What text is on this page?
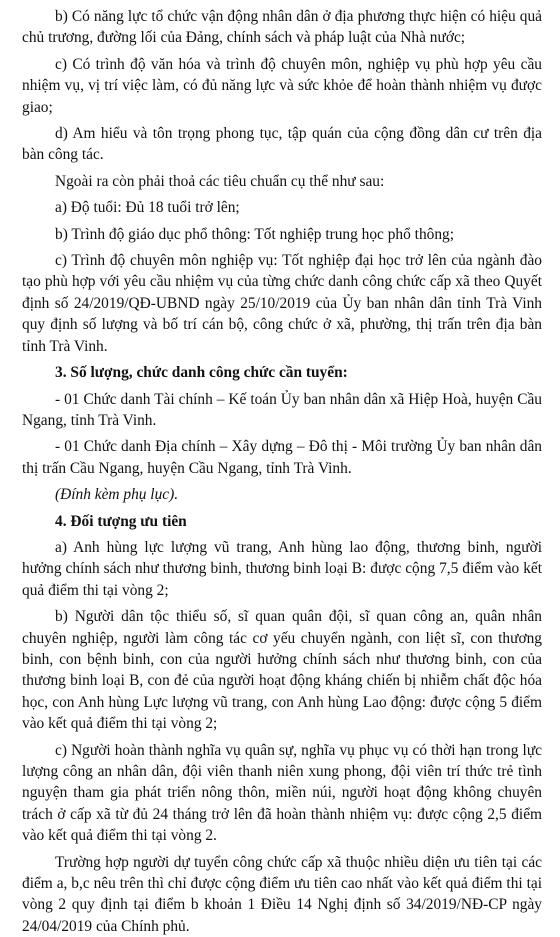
b) Có năng lực tổ chức vận động nhân dân ở địa phương thực hiện có hiệu quả chủ trương, đường lối của Đảng, chính sách và pháp luật của Nhà nước;

c) Có trình độ văn hóa và trình độ chuyên môn, nghiệp vụ phù hợp yêu cầu nhiệm vụ, vị trí việc làm, có đủ năng lực và sức khỏe để hoàn thành nhiệm vụ được giao;

d) Am hiểu và tôn trọng phong tục, tập quán của cộng đồng dân cư trên địa bàn công tác.

Ngoài ra còn phải thoả các tiêu chuẩn cụ thể như sau:

a) Độ tuổi: Đủ 18 tuổi trở lên;

b) Trình độ giáo dục phổ thông: Tốt nghiệp trung học phổ thông;

c) Trình độ chuyên môn nghiệp vụ: Tốt nghiệp đại học trở lên của ngành đào tạo phù hợp với yêu cầu nhiệm vụ của từng chức danh công chức cấp xã theo Quyết định số 24/2019/QĐ-UBND ngày 25/10/2019 của Ủy ban nhân dân tỉnh Trà Vinh quy định số lượng và bố trí cán bộ, công chức ở xã, phường, thị trấn trên địa bàn tỉnh Trà Vinh.

3. Số lượng, chức danh công chức cần tuyển:

- 01 Chức danh Tài chính – Kế toán Ủy ban nhân dân xã Hiệp Hoà, huyện Cầu Ngang, tỉnh Trà Vinh.

- 01 Chức danh Địa chính – Xây dựng – Đô thị - Môi trường Ủy ban nhân dân thị trấn Cầu Ngang, huyện Cầu Ngang, tỉnh Trà Vinh.

(Đính kèm phụ lục).

4. Đối tượng ưu tiên

a) Anh hùng lực lượng vũ trang, Anh hùng lao động, thương binh, người hưởng chính sách như thương binh, thương binh loại B: được cộng 7,5 điểm vào kết quả điểm thi tại vòng 2;

b) Người dân tộc thiểu số, sĩ quan quân đội, sĩ quan công an, quân nhân chuyên nghiệp, người làm công tác cơ yếu chuyển ngành, con liệt sĩ, con thương binh, con bệnh binh, con của người hưởng chính sách như thương binh, con của thương binh loại B, con đẻ của người hoạt động kháng chiến bị nhiễm chất độc hóa học, con Anh hùng Lực lượng vũ trang, con Anh hùng Lao động: được cộng 5 điểm vào kết quả điểm thi tại vòng 2;

c) Người hoàn thành nghĩa vụ quân sự, nghĩa vụ phục vụ có thời hạn trong lực lượng công an nhân dân, đội viên thanh niên xung phong, đội viên trí thức trẻ tình nguyện tham gia phát triển nông thôn, miền núi, người hoạt động không chuyên trách ở cấp xã từ đủ 24 tháng trở lên đã hoàn thành nhiệm vụ: được cộng 2,5 điểm vào kết quả điểm thi tại vòng 2.

Trường hợp người dự tuyển công chức cấp xã thuộc nhiều diện ưu tiên tại các điểm a, b,c nêu trên thì chỉ được cộng điểm ưu tiên cao nhất vào kết quả điểm thi tại vòng 2 quy định tại điểm b khoản 1 Điều 14 Nghị định số 34/2019/NĐ-CP ngày 24/04/2019 của Chính phủ.
